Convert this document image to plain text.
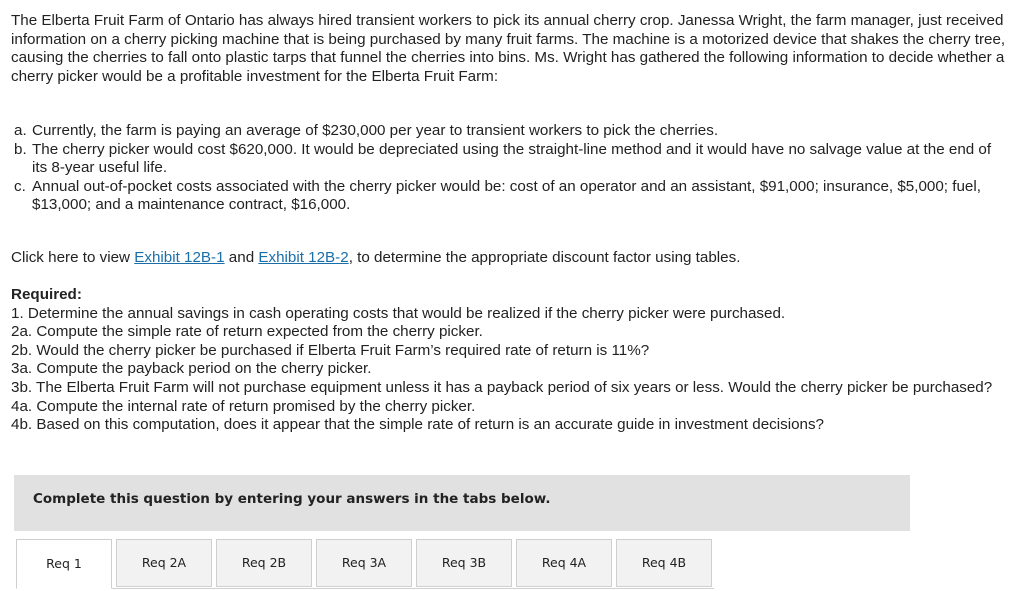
The Elberta Fruit Farm of Ontario has always hired transient workers to pick its annual cherry crop. Janessa Wright, the farm manager, just received information on a cherry picking machine that is being purchased by many fruit farms. The machine is a motorized device that shakes the cherry tree, causing the cherries to fall onto plastic tarps that funnel the cherries into bins. Ms. Wright has gathered the following information to decide whether a cherry picker would be a profitable investment for the Elberta Fruit Farm:
a. Currently, the farm is paying an average of $230,000 per year to transient workers to pick the cherries.
b. The cherry picker would cost $620,000. It would be depreciated using the straight-line method and it would have no salvage value at the end of its 8-year useful life.
c. Annual out-of-pocket costs associated with the cherry picker would be: cost of an operator and an assistant, $91,000; insurance, $5,000; fuel, $13,000; and a maintenance contract, $16,000.
Click here to view Exhibit 12B-1 and Exhibit 12B-2, to determine the appropriate discount factor using tables.
Required:
1. Determine the annual savings in cash operating costs that would be realized if the cherry picker were purchased.
2a. Compute the simple rate of return expected from the cherry picker.
2b. Would the cherry picker be purchased if Elberta Fruit Farm’s required rate of return is 11%?
3a. Compute the payback period on the cherry picker.
3b. The Elberta Fruit Farm will not purchase equipment unless it has a payback period of six years or less. Would the cherry picker be purchased?
4a. Compute the internal rate of return promised by the cherry picker.
4b. Based on this computation, does it appear that the simple rate of return is an accurate guide in investment decisions?
Complete this question by entering your answers in the tabs below.
Req 1	Req 2A	Req 2B	Req 3A	Req 3B	Req 4A	Req 4B
